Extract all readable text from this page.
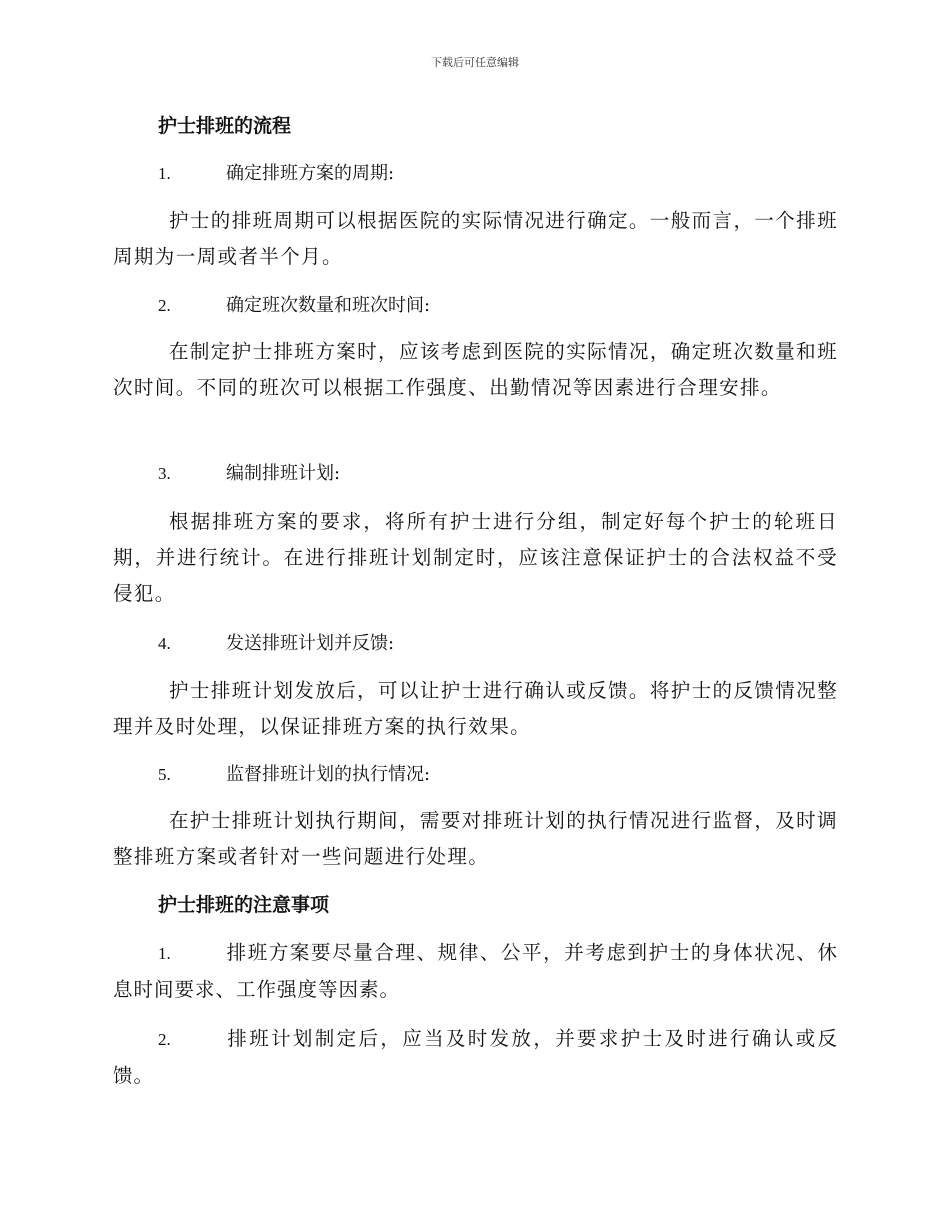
下载后可任意编辑
护士排班的流程
1.	确定排班方案的周期:
护士的排班周期可以根据医院的实际情况进行确定。一般而言，一个排班周期为一周或者半个月。
2.	确定班次数量和班次时间:
在制定护士排班方案时，应该考虑到医院的实际情况，确定班次数量和班次时间。不同的班次可以根据工作强度、出勤情况等因素进行合理安排。
3.	编制排班计划:
根据排班方案的要求，将所有护士进行分组，制定好每个护士的轮班日期，并进行统计。在进行排班计划制定时，应该注意保证护士的合法权益不受侵犯。
4.	发送排班计划并反馈:
护士排班计划发放后，可以让护士进行确认或反馈。将护士的反馈情况整理并及时处理，以保证排班方案的执行效果。
5.	监督排班计划的执行情况:
在护士排班计划执行期间，需要对排班计划的执行情况进行监督，及时调整排班方案或者针对一些问题进行处理。
护士排班的注意事项
1.	排班方案要尽量合理、规律、公平，并考虑到护士的身体状况、休息时间要求、工作强度等因素。
2.	排班计划制定后，应当及时发放，并要求护士及时进行确认或反馈。
